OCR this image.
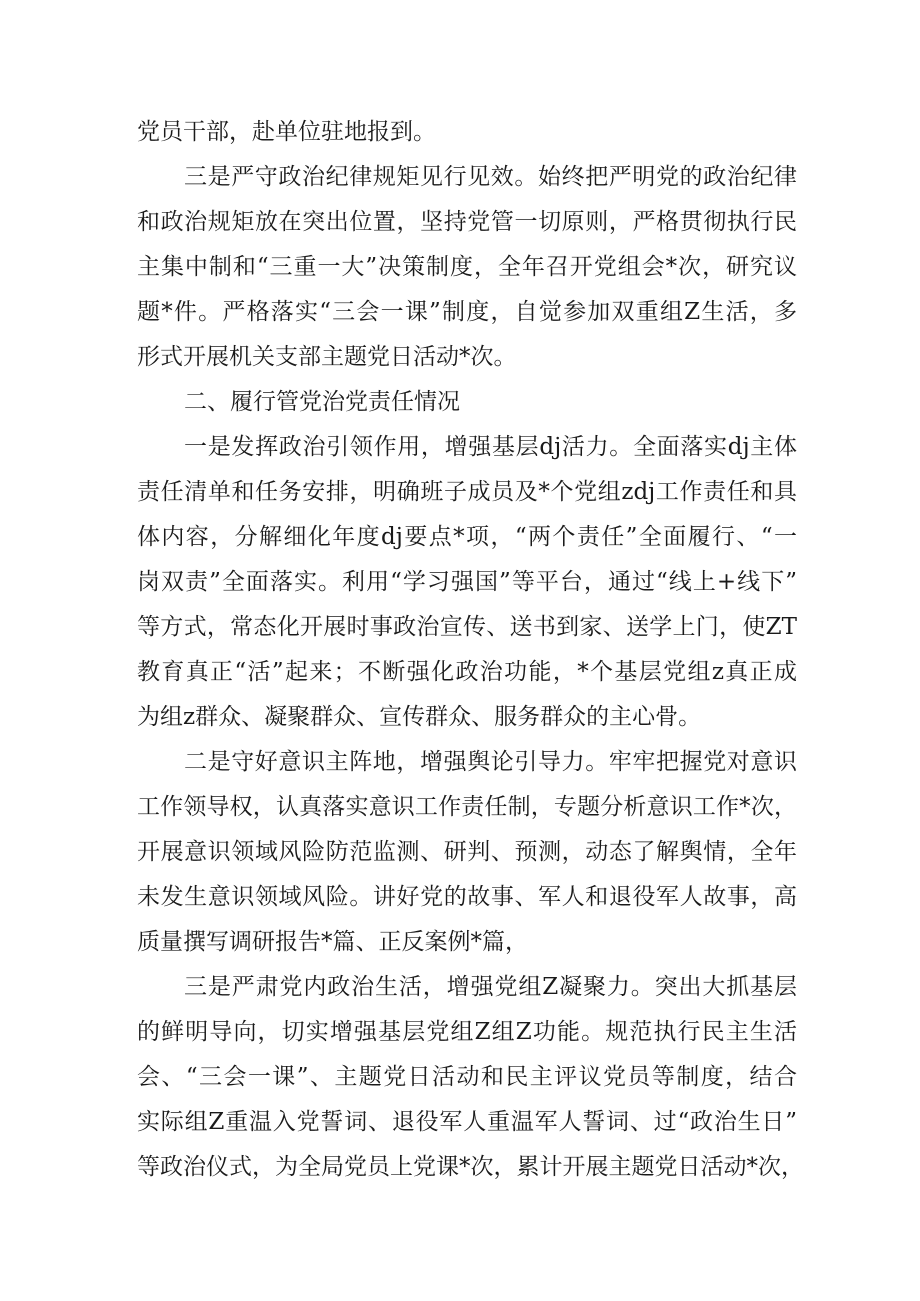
党员干部，赴单位驻地报到。
三是严守政治纪律规矩见行见效。始终把严明党的政治纪律
和政治规矩放在突出位置，坚持党管一切原则，严格贯彻执行民
主集中制和“三重一大”决策制度，全年召开党组会*次，研究议
题*件。严格落实“三会一课”制度，自觉参加双重组Z生活，多
形式开展机关支部主题党日活动*次。
二、履行管党治党责任情况
一是发挥政治引领作用，增强基层dj活力。全面落实dj主体
责任清单和任务安排，明确班子成员及*个党组zdj工作责任和具
体内容，分解细化年度dj要点*项，“两个责任”全面履行、“一
岗双责”全面落实。利用“学习强国”等平台，通过“线上+线下”
等方式，常态化开展时事政治宣传、送书到家、送学上门，使ZT
教育真正“活”起来；不断强化政治功能，*个基层党组z真正成
为组z群众、凝聚群众、宣传群众、服务群众的主心骨。
二是守好意识主阵地，增强舆论引导力。牢牢把握党对意识
工作领导权，认真落实意识工作责任制，专题分析意识工作*次，
开展意识领域风险防范监测、研判、预测，动态了解舆情，全年
未发生意识领域风险。讲好党的故事、军人和退役军人故事，高
质量撰写调研报告*篇、正反案例*篇，
三是严肃党内政治生活，增强党组Z凝聚力。突出大抓基层
的鲜明导向，切实增强基层党组Z组Z功能。规范执行民主生活
会、“三会一课”、主题党日活动和民主评议党员等制度，结合
实际组Z重温入党誓词、退役军人重温军人誓词、过“政治生日”
等政治仪式，为全局党员上党课*次，累计开展主题党日活动*次，
